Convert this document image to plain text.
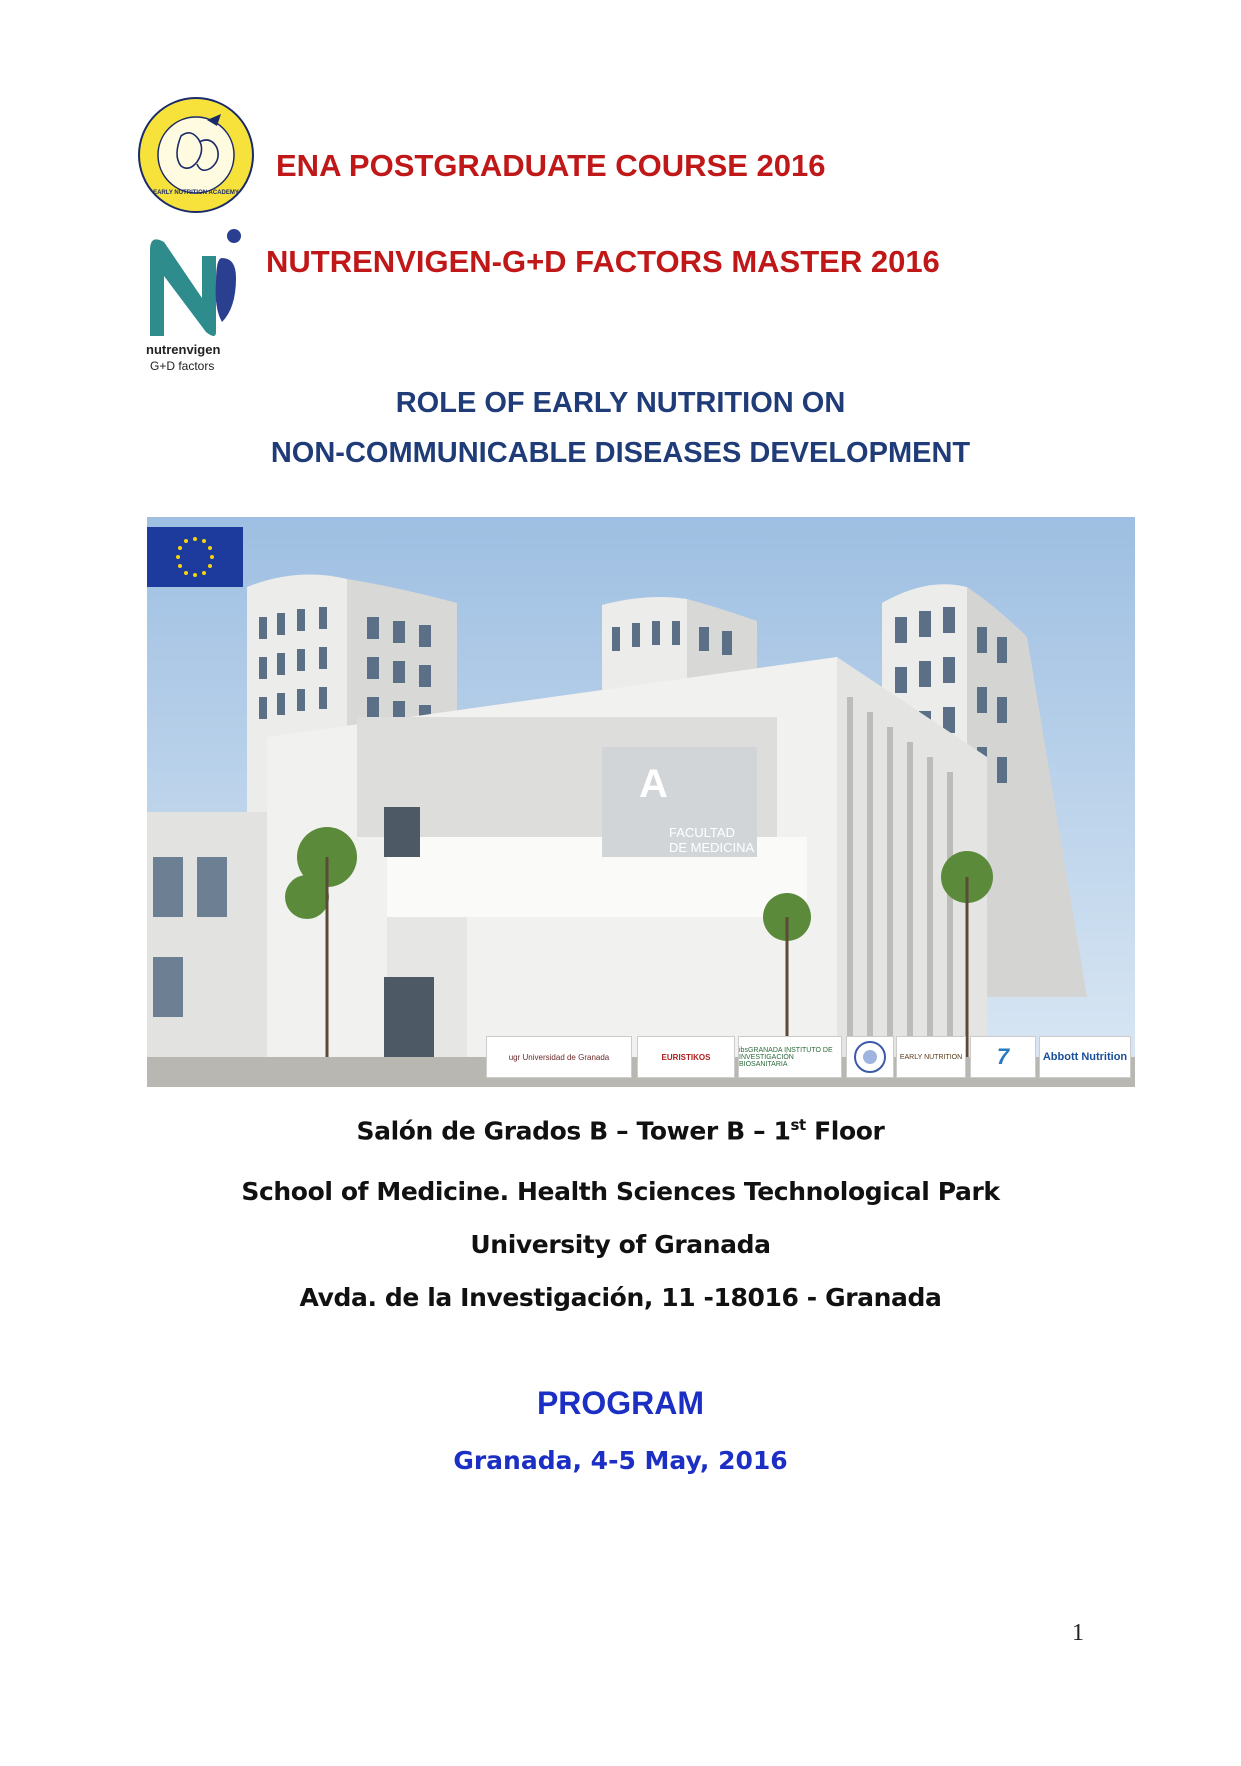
EARLY NUTRITION ACADEMY
nutrenvigen
G+D factors
ENA POSTGRADUATE COURSE 2016
NUTRENVIGEN-G+D FACTORS MASTER 2016
ROLE OF EARLY NUTRITION ON
NON-COMMUNICABLE DISEASES DEVELOPMENT
A
FACULTAD
DE MEDICINA
ugr Universidad de Granada	EURISTIKOS
ibsGRANADA INSTITUTO DE INVESTIGACIÓN BIOSANITARIA
EARLY NUTRITION	7	Abbott Nutrition
Salón de Grados B – Tower B – 1st Floor
School of Medicine. Health Sciences Technological Park
University of Granada
Avda. de la Investigación, 11 -18016 - Granada
PROGRAM
Granada, 4-5 May, 2016
1
